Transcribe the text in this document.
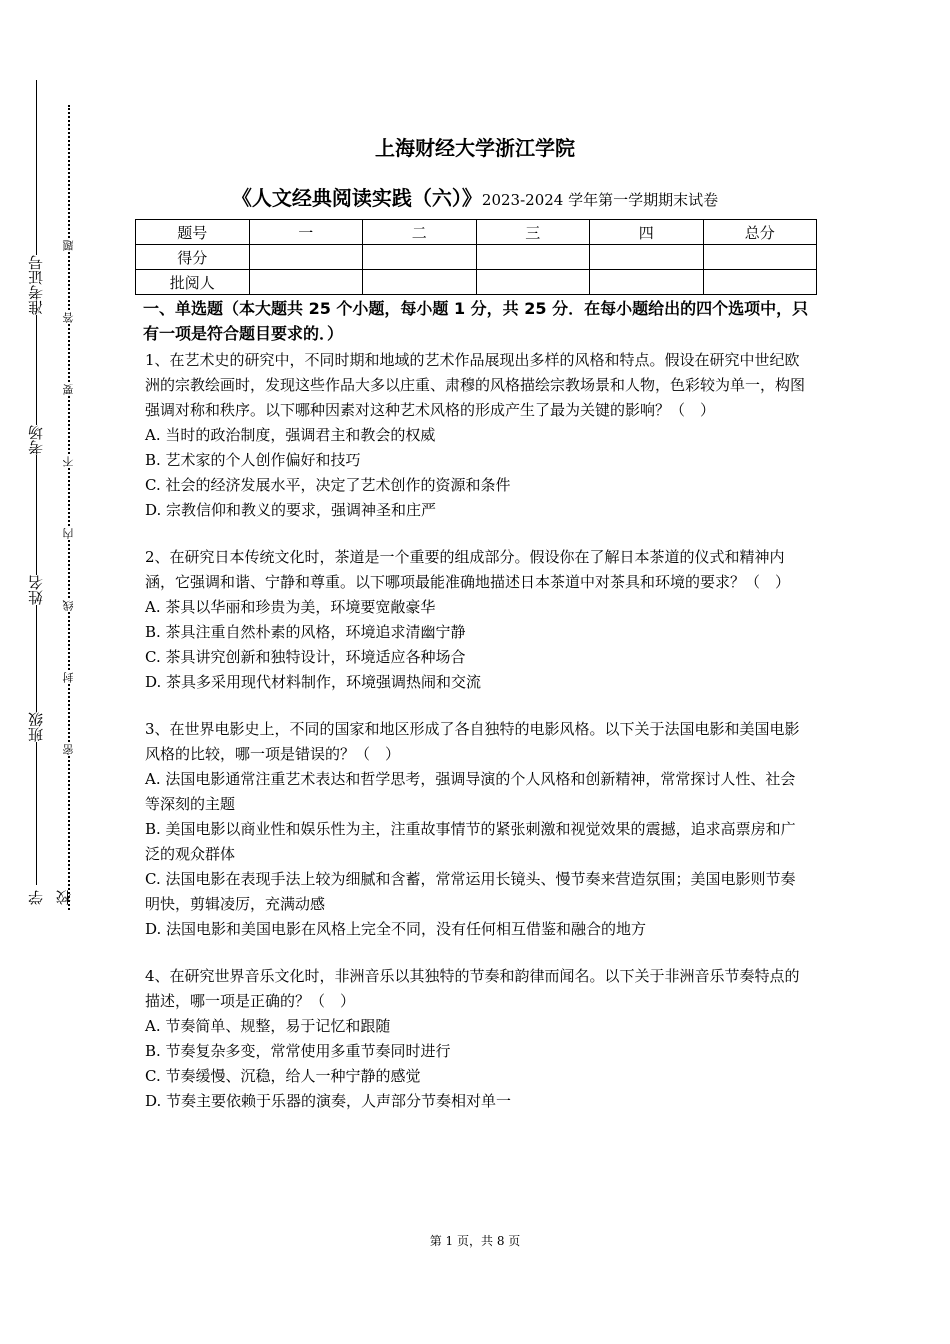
准考证号
考场
姓名
班级
学校
题
答
要
不
内
线
封
密
上海财经大学浙江学院
《人文经典阅读实践（六）》2023-2024 学年第一学期期末试卷
题号	一	二	三	四	总分
得分					
批阅人					
一、单选题（本大题共 25 个小题，每小题 1 分，共 25 分．在每小题给出的四个选项中，只有一项是符合题目要求的．）

1、在艺术史的研究中，不同时期和地域的艺术作品展现出多样的风格和特点。假设在研究中世纪欧洲的宗教绘画时，发现这些作品大多以庄重、肃穆的风格描绘宗教场景和人物，色彩较为单一，构图强调对称和秩序。以下哪种因素对这种艺术风格的形成产生了最为关键的影响？（　）

A. 当时的政治制度，强调君主和教会的权威

B. 艺术家的个人创作偏好和技巧

C. 社会的经济发展水平，决定了艺术创作的资源和条件

D. 宗教信仰和教义的要求，强调神圣和庄严

2、在研究日本传统文化时，茶道是一个重要的组成部分。假设你在了解日本茶道的仪式和精神内涵，它强调和谐、宁静和尊重。以下哪项最能准确地描述日本茶道中对茶具和环境的要求？（　）

A. 茶具以华丽和珍贵为美，环境要宽敞豪华

B. 茶具注重自然朴素的风格，环境追求清幽宁静

C. 茶具讲究创新和独特设计，环境适应各种场合

D. 茶具多采用现代材料制作，环境强调热闹和交流

3、在世界电影史上，不同的国家和地区形成了各自独特的电影风格。以下关于法国电影和美国电影风格的比较，哪一项是错误的？（　）

A. 法国电影通常注重艺术表达和哲学思考，强调导演的个人风格和创新精神，常常探讨人性、社会等深刻的主题

B. 美国电影以商业性和娱乐性为主，注重故事情节的紧张刺激和视觉效果的震撼，追求高票房和广泛的观众群体

C. 法国电影在表现手法上较为细腻和含蓄，常常运用长镜头、慢节奏来营造氛围；美国电影则节奏明快，剪辑凌厉，充满动感

D. 法国电影和美国电影在风格上完全不同，没有任何相互借鉴和融合的地方

4、在研究世界音乐文化时，非洲音乐以其独特的节奏和韵律而闻名。以下关于非洲音乐节奏特点的描述，哪一项是正确的？（　）

A. 节奏简单、规整，易于记忆和跟随

B. 节奏复杂多变，常常使用多重节奏同时进行

C. 节奏缓慢、沉稳，给人一种宁静的感觉

D. 节奏主要依赖于乐器的演奏，人声部分节奏相对单一

第 1 页，共 8 页
